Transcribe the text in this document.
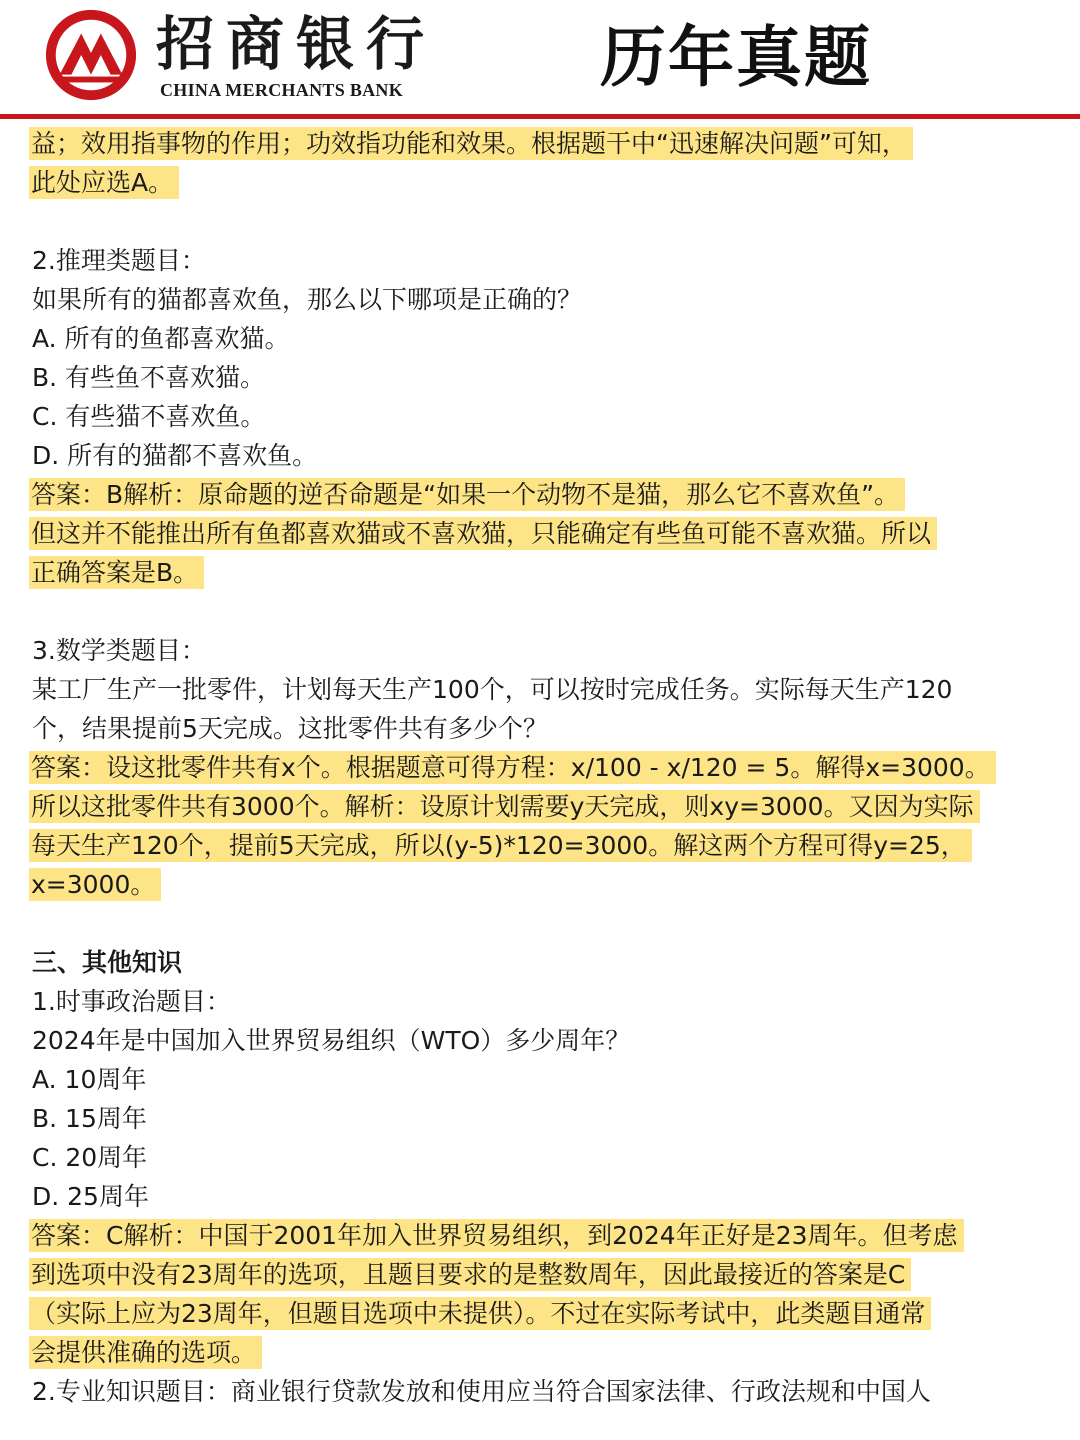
招商银行
CHINA MERCHANTS BANK	历年真题
益；效用指事物的作用；功效指功能和效果。根据题干中“迅速解决问题”可知，
此处应选A。
2.推理类题目：
如果所有的猫都喜欢鱼，那么以下哪项是正确的？
A. 所有的鱼都喜欢猫。
B. 有些鱼不喜欢猫。
C. 有些猫不喜欢鱼。
D. 所有的猫都不喜欢鱼。
答案：B解析：原命题的逆否命题是“如果一个动物不是猫，那么它不喜欢鱼”。
但这并不能推出所有鱼都喜欢猫或不喜欢猫，只能确定有些鱼可能不喜欢猫。所以
正确答案是B。
3.数学类题目：
某工厂生产一批零件，计划每天生产100个，可以按时完成任务。实际每天生产120
个，结果提前5天完成。这批零件共有多少个？
答案：设这批零件共有x个。根据题意可得方程：x/100 - x/120 = 5。解得x=3000。
所以这批零件共有3000个。解析：设原计划需要y天完成，则xy=3000。又因为实际
每天生产120个，提前5天完成，所以(y-5)*120=3000。解这两个方程可得y=25，
x=3000。
三、其他知识
1.时事政治题目：
2024年是中国加入世界贸易组织（WTO）多少周年？
A. 10周年
B. 15周年
C. 20周年
D. 25周年
答案：C解析：中国于2001年加入世界贸易组织，到2024年正好是23周年。但考虑
到选项中没有23周年的选项，且题目要求的是整数周年，因此最接近的答案是C
（实际上应为23周年，但题目选项中未提供）。不过在实际考试中，此类题目通常
会提供准确的选项。
2.专业知识题目：商业银行贷款发放和使用应当符合国家法律、行政法规和中国人
